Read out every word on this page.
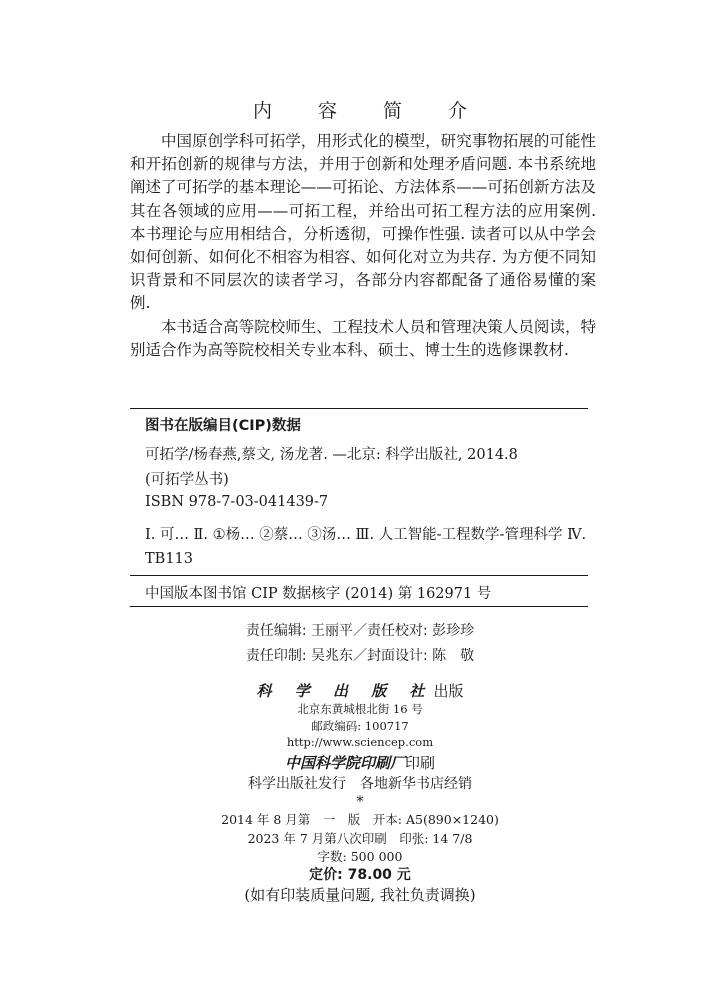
内 容 简 介

中国原创学科可拓学，用形式化的模型，研究事物拓展的可能性和开拓创新的规律与方法，并用于创新和处理矛盾问题. 本书系统地阐述了可拓学的基本理论——可拓论、方法体系——可拓创新方法及其在各领域的应用——可拓工程，并给出可拓工程方法的应用案例. 本书理论与应用相结合，分析透彻，可操作性强. 读者可以从中学会如何创新、如何化不相容为相容、如何化对立为共存. 为方便不同知识背景和不同层次的读者学习，各部分内容都配备了通俗易懂的案例.

本书适合高等院校师生、工程技术人员和管理决策人员阅读，特别适合作为高等院校相关专业本科、硕士、博士生的选修课教材.

图书在版编目(CIP)数据
可拓学/杨春燕,蔡文, 汤龙著. —北京: 科学出版社, 2014.8
(可拓学丛书)
ISBN 978-7-03-041439-7
Ⅰ. 可… Ⅱ. ①杨… ②蔡… ③汤… Ⅲ. 人工智能-工程数学-管理科学 Ⅳ. TB113
中国版本图书馆 CIP 数据核字 (2014) 第 162971 号
责任编辑: 王丽平／责任校对: 彭珍珍
责任印制: 吴兆东／封面设计: 陈　敬
科 学 出 版 社出版
北京东黄城根北街 16 号
邮政编码: 100717
http://www.sciencep.com
中国科学院印刷厂印刷
科学出版社发行　各地新华书店经销
*
2014 年 8 月第　一　版　开本: A5(890×1240)
2023 年 7 月第八次印刷　印张: 14 7/8
字数: 500 000
定价: 78.00 元
(如有印装质量问题, 我社负责调换)
